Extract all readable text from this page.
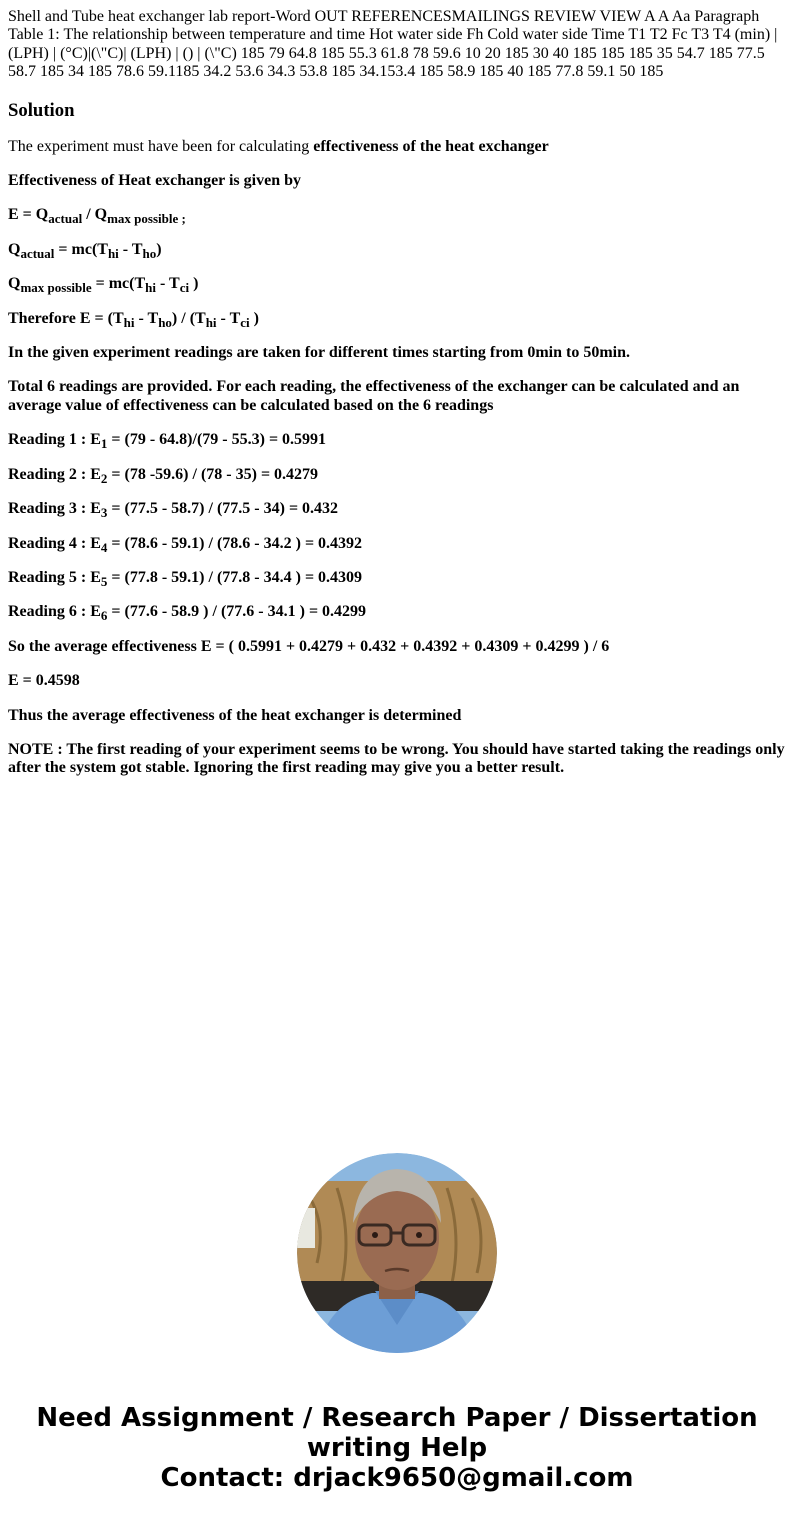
Shell and Tube heat exchanger lab report-Word OUT REFERENCESMAILINGS REVIEW VIEW A A Aa Paragraph Table 1: The relationship between temperature and time Hot water side Fh Cold water side Time T1 T2 Fc T3 T4 (min) | (LPH) | (°C)|(\"C)| (LPH) | () | (\"C) 185 79 64.8 185 55.3 61.8 78 59.6 10 20 185 30 40 185 185 185 35 54.7 185 77.5 58.7 185 34 185 78.6 59.1185 34.2 53.6 34.3 53.8 185 34.153.4 185 58.9 185 40 185 77.8 59.1 50 185

Solution

The experiment must have been for calculating effectiveness of the heat exchanger

Effectiveness of Heat exchanger is given by

$E = Q_{actual} / Q_{max possible ;}$

$Q_{actual} = mc(T_{hi} - T_{ho})$

$Q_{max possible} = mc(T_{hi} - T_{ci}$ )

Therefore $E = (T_{hi} - T_{ho}) / (T_{hi} - T_{ci}$ )

In the given experiment readings are taken for different times starting from 0min to 50min.

Total 6 readings are provided. For each reading, the effectiveness of the exchanger can be calculated and an average value of effectiveness can be calculated based on the 6 readings

Reading 1 : $E_1 = (79 - 64.8)/(79 - 55.3) = 0.5991$

Reading 2 : $E_2 = (78$ -59.6) / (78 - 35) = 0.4279

Reading 3 : $E_3 = (77.5 - 58.7) / (77.5 - 34) = 0.432$

Reading 4 : $E_4 = (78.6 - 59.1) / (78.6 - 34.2$ ) = 0.4392

Reading 5 : $E_5 = (77.8 - 59.1) / (77.8 - 34.4$ ) = 0.4309

Reading 6 : $E_6 = (77.6 - 58.9$ ) / (77.6 - 34.1 ) = 0.4299

So the average effectiveness E = ( 0.5991 + 0.4279 + 0.432 + 0.4392 + 0.4309 + 0.4299 ) / 6

E = 0.4598

Thus the average effectiveness of the heat exchanger is determined

NOTE : The first reading of your experiment seems to be wrong. You should have started taking the readings only after the system got stable. Ignoring the first reading may give you a better result.

Need Assignment / Research Paper / Dissertation
writing Help
Contact: drjack9650@gmail.com
